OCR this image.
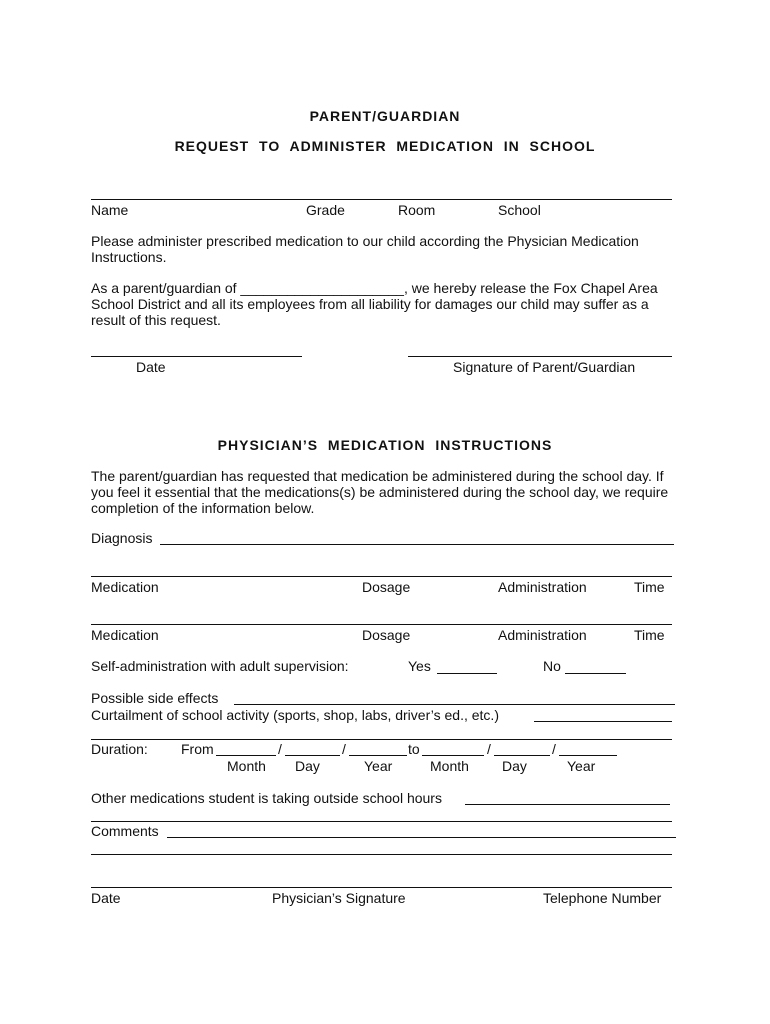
PARENT/GUARDIAN
REQUEST  TO  ADMINISTER  MEDICATION  IN  SCHOOL
Name	Grade	Room	School
Please administer prescribed medication to our child according the Physician Medication Instructions.
As a parent/guardian of _____________________, we hereby release the Fox Chapel Area School District and all its employees from all liability for damages our child may suffer as a result of this request.
Date	Signature of Parent/Guardian
PHYSICIAN’S  MEDICATION  INSTRUCTIONS
The parent/guardian has requested that medication be administered during the school day. If you feel it essential that the medications(s) be administered during the school day, we require completion of the information below.
Diagnosis
Medication	Dosage	Administration	Time
Medication	Dosage	Administration	Time
Self-administration with adult supervision:	Yes	No
Possible side effects
Curtailment of school activity (sports, shop, labs, driver’s ed., etc.)
Duration: From	/	/	to	/	/
Month Day	Year	Month Day	Year
Other medications student is taking outside school hours
Comments
Date	Physician’s Signature	Telephone Number
